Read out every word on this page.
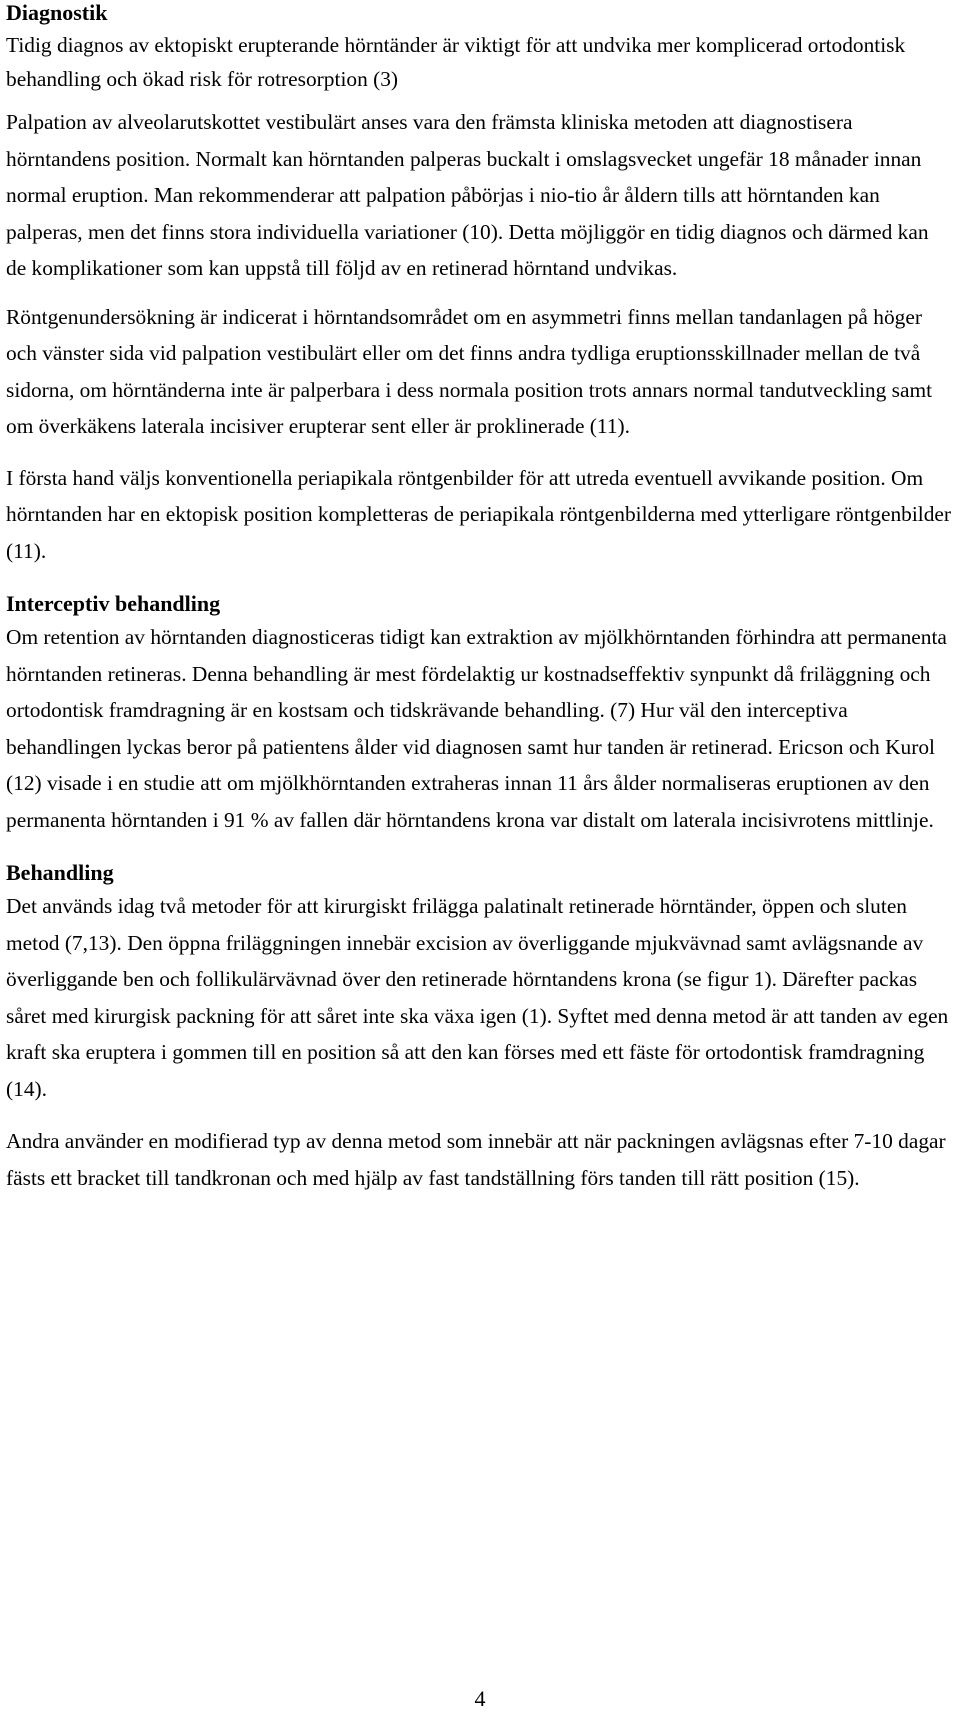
Diagnostik

Tidig diagnos av ektopiskt erupterande hörntänder är viktigt för att undvika mer komplicerad ortodontisk behandling och ökad risk för rotresorption (3)

Palpation av alveolarutskottet vestibulärt anses vara den främsta kliniska metoden att diagnostisera hörntandens position. Normalt kan hörntanden palperas buckalt i omslagsvecket ungefär 18 månader innan normal eruption. Man rekommenderar att palpation påbörjas i nio-tio år åldern tills att hörntanden kan palperas, men det finns stora individuella variationer (10). Detta möjliggör en tidig diagnos och därmed kan de komplikationer som kan uppstå till följd av en retinerad hörntand undvikas.

Röntgenundersökning är indicerat i hörntandsområdet om en asymmetri finns mellan tandanlagen på höger och vänster sida vid palpation vestibulärt eller om det finns andra tydliga eruptionsskillnader mellan de två sidorna, om hörntänderna inte är palperbara i dess normala position trots annars normal tandutveckling samt om överkäkens laterala incisiver erupterar sent eller är proklinerade (11).

I första hand väljs konventionella periapikala röntgenbilder för att utreda eventuell avvikande position. Om hörntanden har en ektopisk position kompletteras de periapikala röntgenbilderna med ytterligare röntgenbilder (11).

Interceptiv behandling

Om retention av hörntanden diagnosticeras tidigt kan extraktion av mjölkhörntanden förhindra att permanenta hörntanden retineras. Denna behandling är mest fördelaktig ur kostnadseffektiv synpunkt då friläggning och ortodontisk framdragning är en kostsam och tidskrävande behandling. (7) Hur väl den interceptiva behandlingen lyckas beror på patientens ålder vid diagnosen samt hur tanden är retinerad. Ericson och Kurol (12) visade i en studie att om mjölkhörntanden extraheras innan 11 års ålder normaliseras eruptionen av den permanenta hörntanden i 91 % av fallen där hörntandens krona var distalt om laterala incisivrotens mittlinje.

Behandling

Det används idag två metoder för att kirurgiskt frilägga palatinalt retinerade hörntänder, öppen och sluten metod (7,13). Den öppna friläggningen innebär excision av överliggande mjukvävnad samt avlägsnande av överliggande ben och follikulärvävnad över den retinerade hörntandens krona (se figur 1). Därefter packas såret med kirurgisk packning för att såret inte ska växa igen (1). Syftet med denna metod är att tanden av egen kraft ska eruptera i gommen till en position så att den kan förses med ett fäste för ortodontisk framdragning (14).

Andra använder en modifierad typ av denna metod som innebär att när packningen avlägsnas efter 7-10 dagar fästs ett bracket till tandkronan och med hjälp av fast tandställning förs tanden till rätt position (15).

4
